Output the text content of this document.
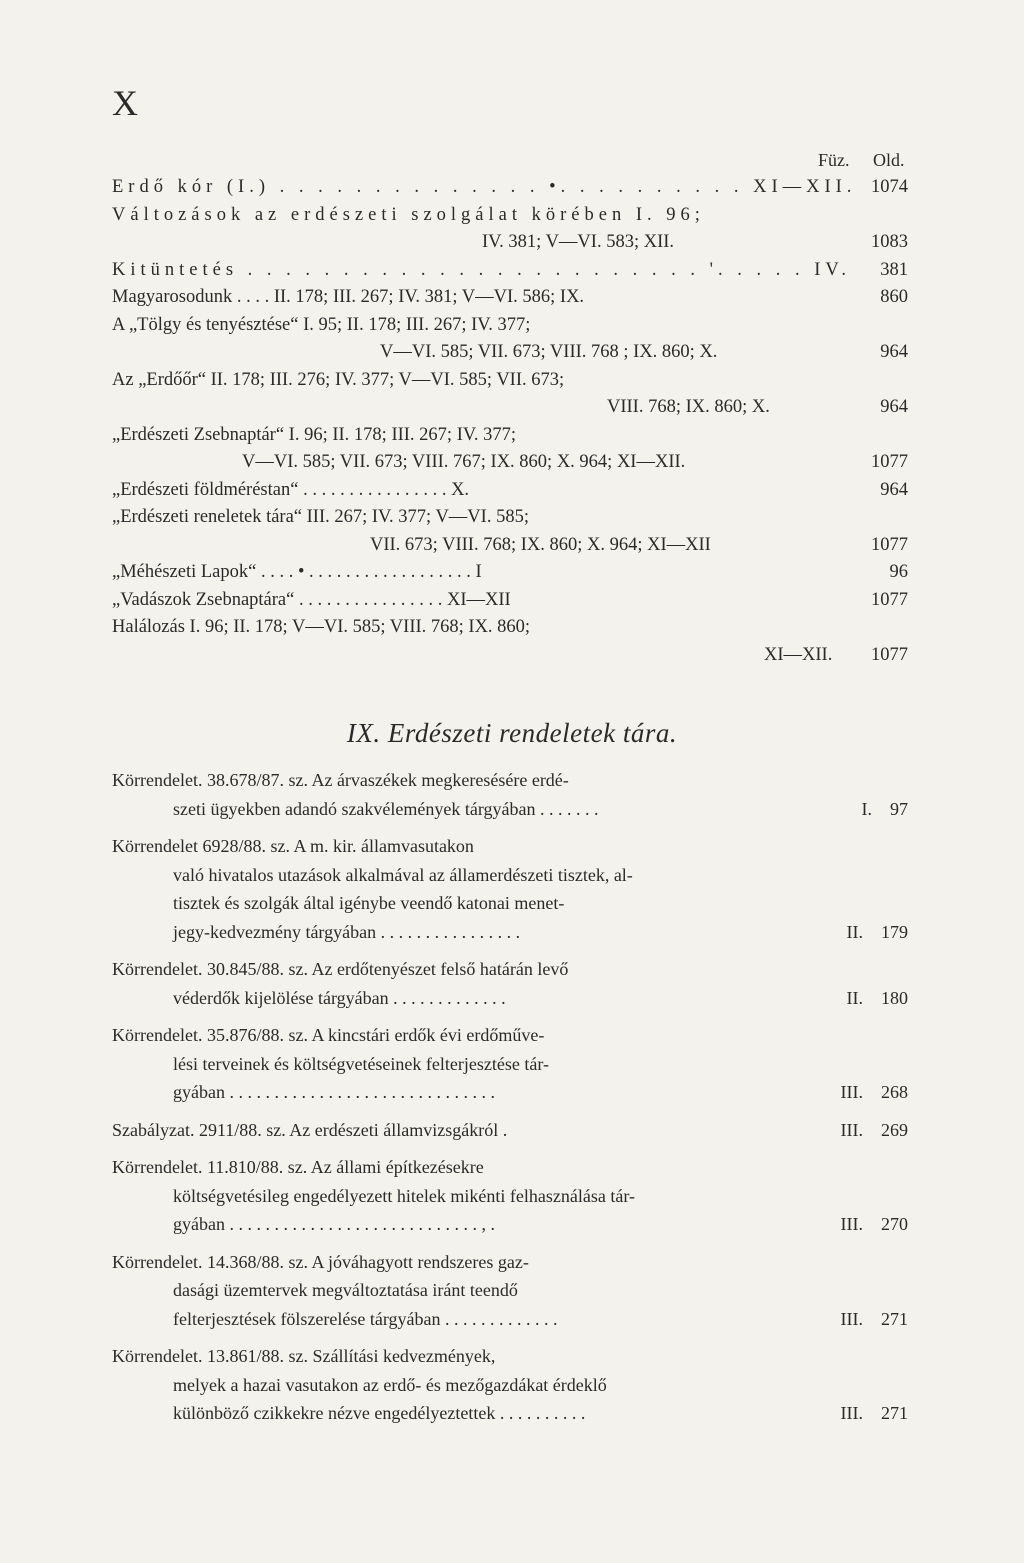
X
Füz. Old.
Erdő kór (I.) . . . . . . . . . . . . . . •. . . . . . . . . . XI—XII. 1074
Változások az erdészeti szolgálat körében I. 96;
IV. 381; V—VI. 583; XII.	1083
Kitüntetés . . . . . . . . . . . . . . . . . . . . . . . . '. . . . . IV.	381
Magyarosodunk . . . . II. 178; III. 267; IV. 381; V—VI. 586; IX.	860
A „Tölgy és tenyésztése“ I. 95; II. 178; III. 267; IV. 377;
V—VI. 585; VII. 673; VIII. 768 ; IX. 860; X.	964
Az „Erdőőr“ II. 178; III. 276; IV. 377; V—VI. 585; VII. 673;
VIII. 768; IX. 860; X.	964
„Erdészeti Zsebnaptár“ I. 96; II. 178; III. 267; IV. 377;
V—VI. 585; VII. 673; VIII. 767; IX. 860; X. 964; XI—XII.	1077
„Erdészeti földméréstan“ . . . . . . . . . . . . . . . . X.	964
„Erdészeti reneletek tára“ III. 267; IV. 377; V—VI. 585;
VII. 673; VIII. 768; IX. 860; X. 964; XI—XII	1077
„Méhészeti Lapok“ . . . . • . . . . . . . . . . . . . . . . . . I	96
„Vadászok Zsebnaptára“ . . . . . . . . . . . . . . . . XI—XII	1077
Halálozás I. 96; II. 178; V—VI. 585; VIII. 768; IX. 860;
XI—XII.	1077
IX. Erdészeti rendeletek tára.
Körrendelet. 38.678/87. sz. Az árvaszékek megkeresésére erdé-
szeti ügyekben adandó szakvélemények tárgyában . . . . . . .	I. 97
Körrendelet 6928/88. sz. A m. kir. államvasutakon
való hivatalos utazások alkalmával az államerdészeti tisztek, al-
tisztek és szolgák által igénybe veendő katonai menet-
jegy-kedvezmény tárgyában . . . . . . . . . . . . . . . .	II. 179
Körrendelet. 30.845/88. sz. Az erdőtenyészet felső határán levő
véderdők kijelölése tárgyában . . . . . . . . . . . . .	II. 180
Körrendelet. 35.876/88. sz. A kincstári erdők évi erdőműve-
lési terveinek és költségvetéseinek felterjesztése tár-
gyában . . . . . . . . . . . . . . . . . . . . . . . . . . . . . .	III. 268
Szabályzat. 2911/88. sz. Az erdészeti államvizsgákról .	III. 269
Körrendelet. 11.810/88. sz. Az állami építkezésekre
költségvetésileg engedélyezett hitelek mikénti felhasználása tár-
gyában . . . . . . . . . . . . . . . . . . . . . . . . . . . . , .	III. 270
Körrendelet. 14.368/88. sz. A jóváhagyott rendszeres gaz-
dasági üzemtervek megváltoztatása iránt teendő
felterjesztések fölszerelése tárgyában . . . . . . . . . . . . .	III. 271
Körrendelet. 13.861/88. sz. Szállítási kedvezmények,
melyek a hazai vasutakon az erdő- és mezőgazdákat érdeklő
különböző czikkekre nézve engedélyeztettek . . . . . . . . . .	III. 271
